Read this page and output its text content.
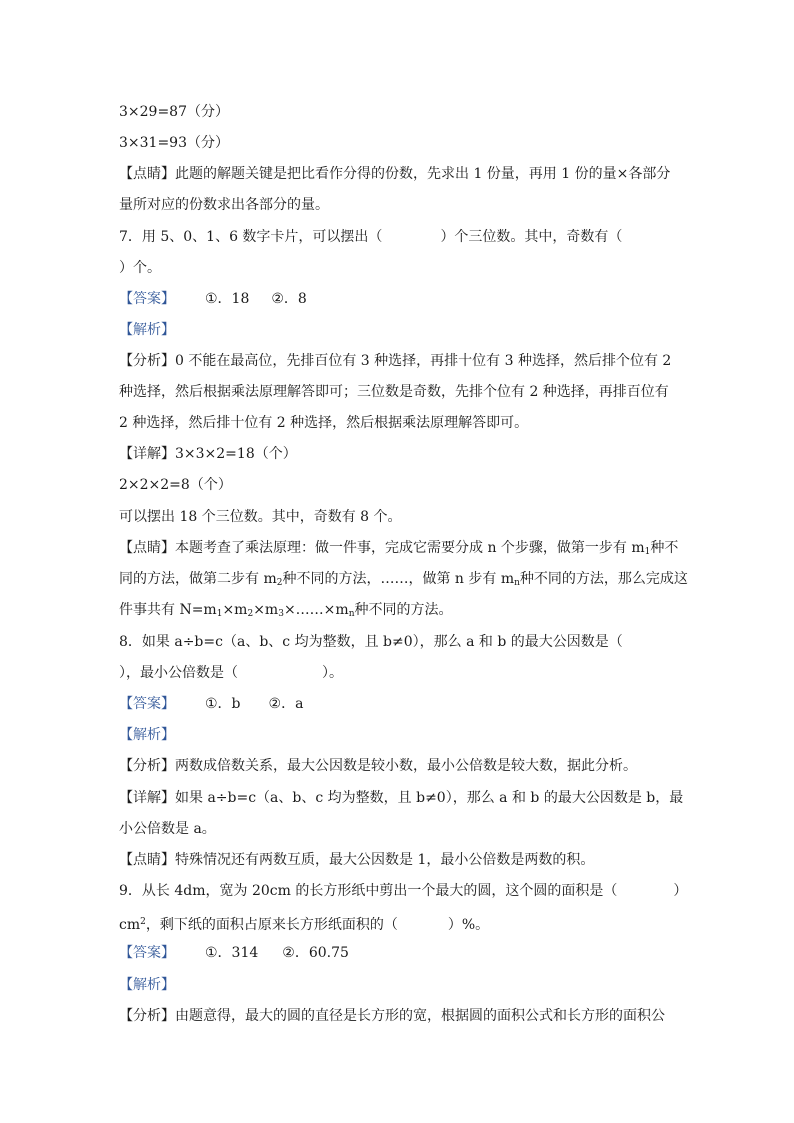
3×29=87（分）
3×31=93（分）
【点睛】此题的解题关键是把比看作分得的份数，先求出 1 份量，再用 1 份的量×各部分
量所对应的份数求出各部分的量。
7．用 5、0、1、6 数字卡片，可以摆出（	）个三位数。其中，奇数有（
）个。
【答案】 ①．18 ②．8
【解析】
【分析】0 不能在最高位，先排百位有 3 种选择，再排十位有 3 种选择，然后排个位有 2
种选择，然后根据乘法原理解答即可；三位数是奇数，先排个位有 2 种选择，再排百位有
2 种选择，然后排十位有 2 种选择，然后根据乘法原理解答即可。
【详解】3×3×2=18（个）
2×2×2=8（个）
可以摆出 18 个三位数。其中，奇数有 8 个。
【点睛】本题考查了乘法原理：做一件事，完成它需要分成 n 个步骤，做第一步有 $m_1$种不
同的方法，做第二步有 $m_2$种不同的方法，……，做第 n 步有 $m_n$种不同的方法，那么完成这
件事共有 $N=m_1\times m_2\times m_3\times\dots\dots\times m_n$种不同的方法。
8．如果 a÷b=c（a、b、c 均为整数，且 b≠0），那么 a 和 b 的最大公因数是（
），最小公倍数是（	）。
【答案】 ①．b ②．a
【解析】
【分析】两数成倍数关系，最大公因数是较小数，最小公倍数是较大数，据此分析。
【详解】如果 a÷b=c（a、b、c 均为整数，且 b≠0），那么 a 和 b 的最大公因数是 b，最
小公倍数是 a。
【点睛】特殊情况还有两数互质，最大公因数是 1，最小公倍数是两数的积。
9．从长 4dm，宽为 20cm 的长方形纸中剪出一个最大的圆，这个圆的面积是（	）
$cm^2$，剩下纸的面积占原来长方形纸面积的（	）%。
【答案】 ①．314 ②．60.75
【解析】
【分析】由题意得，最大的圆的直径是长方形的宽，根据圆的面积公式和长方形的面积公
